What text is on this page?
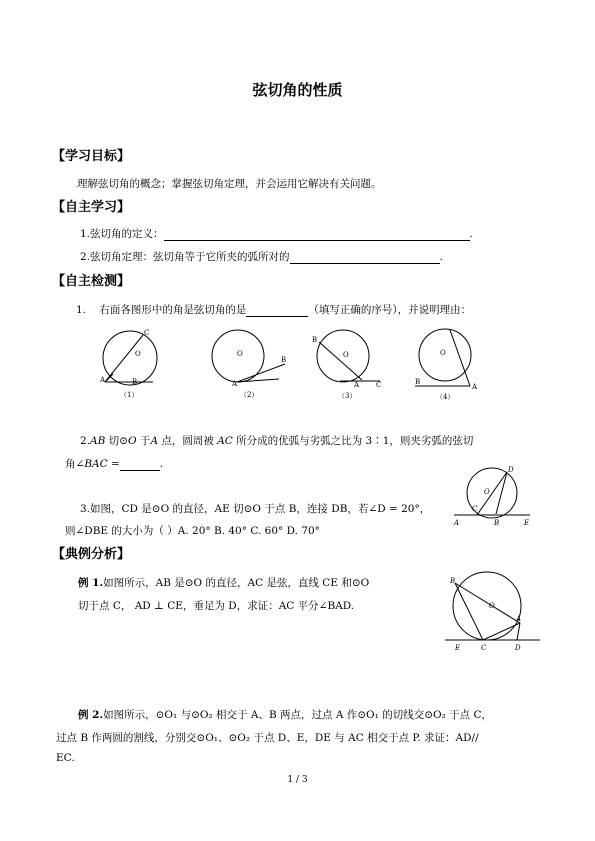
弦切角的性质
【学习目标】
理解弦切角的概念；掌握弦切角定理，并会运用它解决有关问题。
【自主学习】
1.弦切角的定义：	.
2.弦切角定理：弦切角等于它所夹的弧所对的	.
【自主检测】
1. 右面各图形中的角是弦切角的是	（填写正确的序号），并说明理由：
C
O
A	B
（1）
O
A
B
（2）
B
O
A C
（3）
O
B
A
（4）
2.AB 切⊙O 于A 点，圆周被 AC 所分成的优弧与劣弧之比为 3∶1，则夹劣弧的弦切
角∠BAC =	.
3.如图，CD 是⊙O 的直径，AE 切⊙O 于点 B，连接 DB，若∠D = 20°，
则∠DBE 的大小为（ ）A. 20° B. 40° C. 60° D. 70°
D
O
C
A	B	E
【典例分析】
例 1.如图所示，AB 是⊙O 的直径，AC 是弦，直线 CE 和⊙O
切于点 C， AD ⊥ CE，垂足为 D，求证：AC 平分∠BAD.
B
O
A
E	C	D
例 2.如图所示，⊙O₁ 与⊙O₂ 相交于 A、B 两点，过点 A 作⊙O₁ 的切线交⊙O₂ 于点 C，
过点 B 作两圆的割线，分别交⊙O₁、⊙O₂ 于点 D、E，DE 与 AC 相交于点 P. 求证：AD//
EC.
1 / 3
